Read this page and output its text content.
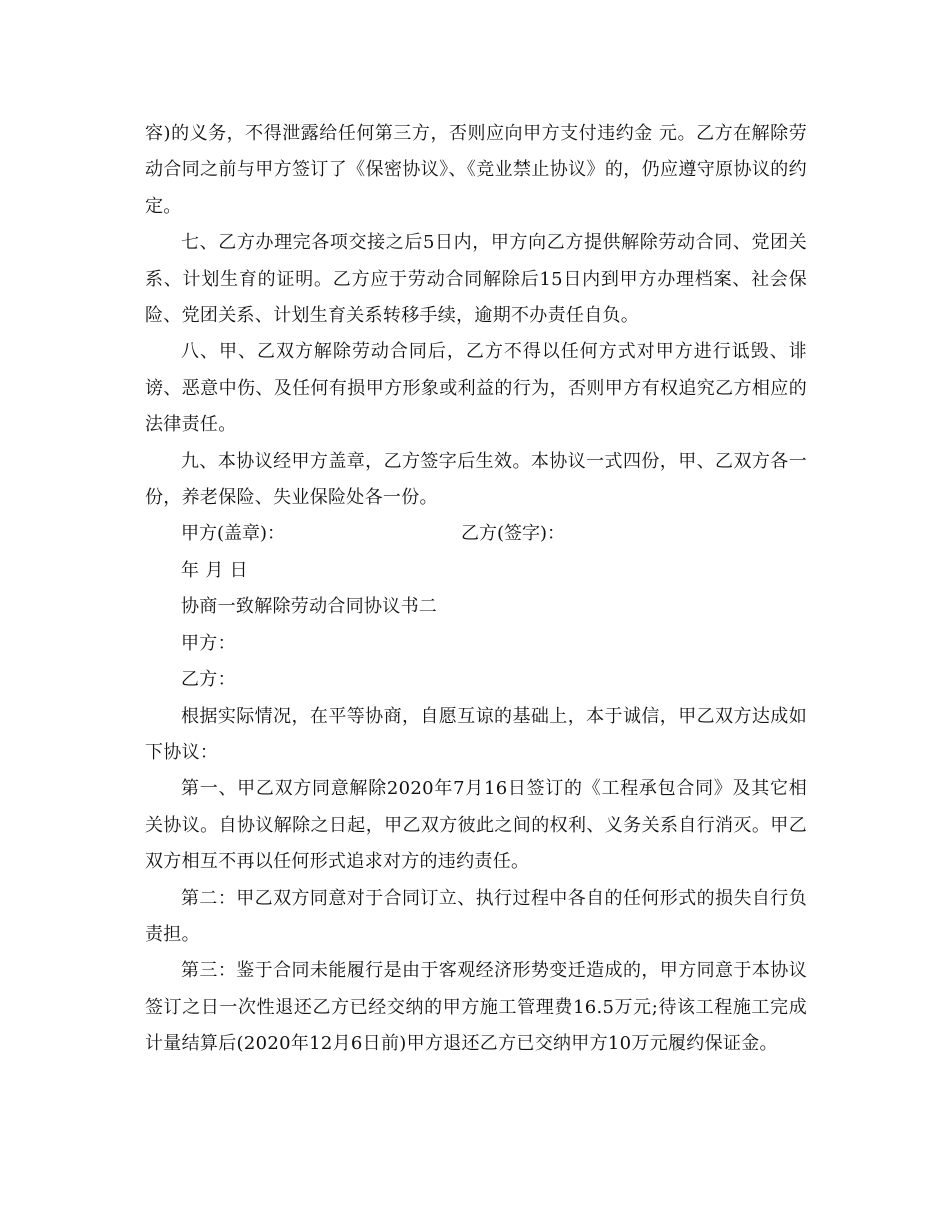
容)的义务，不得泄露给任何第三方，否则应向甲方支付违约金 元。乙方在解除劳动合同之前与甲方签订了《保密协议》、《竞业禁止协议》的，仍应遵守原协议的约定。

七、乙方办理完各项交接之后5日内，甲方向乙方提供解除劳动合同、党团关系、计划生育的证明。乙方应于劳动合同解除后15日内到甲方办理档案、社会保险、党团关系、计划生育关系转移手续，逾期不办责任自负。

八、甲、乙双方解除劳动合同后，乙方不得以任何方式对甲方进行诋毁、诽谤、恶意中伤、及任何有损甲方形象或利益的行为，否则甲方有权追究乙方相应的法律责任。

九、本协议经甲方盖章，乙方签字后生效。本协议一式四份，甲、乙双方各一份，养老保险、失业保险处各一份。

甲方(盖章)：	乙方(签字)：

年 月 日

协商一致解除劳动合同协议书二

甲方：

乙方：

根据实际情况，在平等协商，自愿互谅的基础上，本于诚信，甲乙双方达成如下协议：

第一、甲乙双方同意解除2020年7月16日签订的《工程承包合同》及其它相关协议。自协议解除之日起，甲乙双方彼此之间的权利、义务关系自行消灭。甲乙双方相互不再以任何形式追求对方的违约责任。

第二：甲乙双方同意对于合同订立、执行过程中各自的任何形式的损失自行负责担。

第三：鉴于合同未能履行是由于客观经济形势变迁造成的，甲方同意于本协议签订之日一次性退还乙方已经交纳的甲方施工管理费16.5万元;待该工程施工完成计量结算后(2020年12月6日前)甲方退还乙方已交纳甲方10万元履约保证金。
